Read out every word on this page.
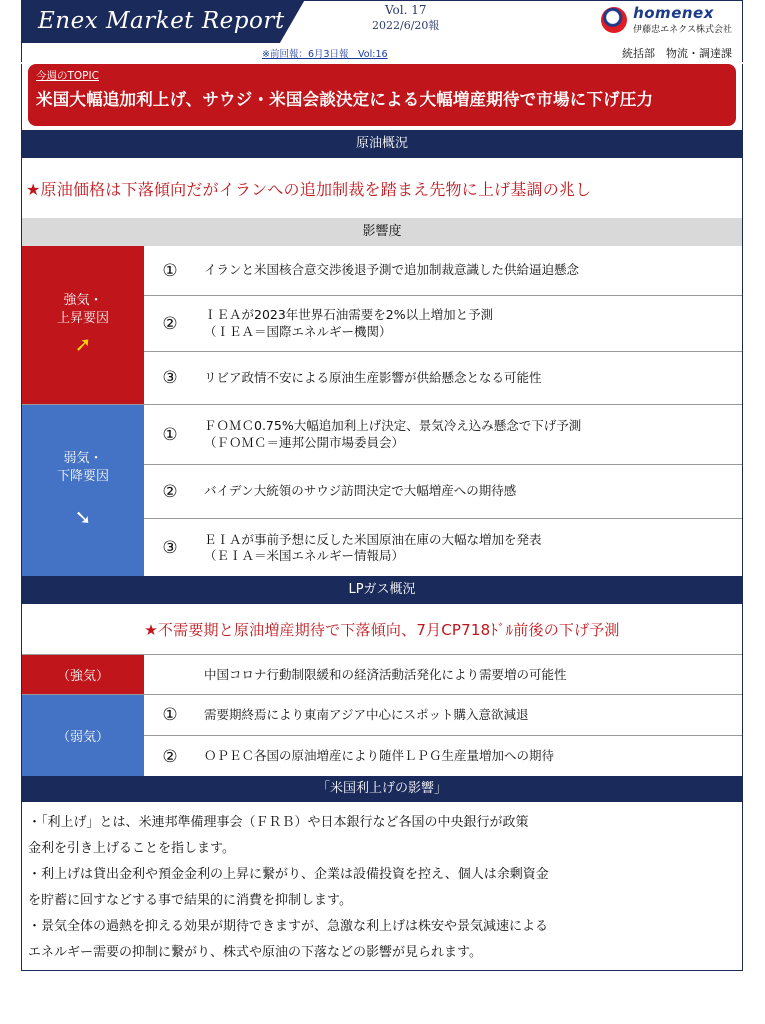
Enex Market Report	Vol. 17
2022/6/20報
homenex
伊藤忠エネクス株式会社
※前回報：6月3日報　Vol:16	統括部　物流・調達課
今週のTOPIC
米国大幅追加利上げ、サウジ・米国会談決定による大幅増産期待で市場に下げ圧力
原油概況
★原油価格は下落傾向だがイランへの追加制裁を踏まえ先物に上げ基調の兆し
影響度
強気・
上昇要因
➚
①	イランと米国核合意交渉後退予測で追加制裁意識した供給逼迫懸念
②	ＩＥＡが2023年世界石油需要を2%以上増加と予測
（ＩＥＡ＝国際エネルギー機関）
③	リビア政情不安による原油生産影響が供給懸念となる可能性
弱気・
下降要因
➘
①	ＦＯＭＣ0.75%大幅追加利上げ決定、景気冷え込み懸念で下げ予測
（ＦＯＭＣ＝連邦公開市場委員会）
②	バイデン大統領のサウジ訪問決定で大幅増産への期待感
③	ＥＩＡが事前予想に反した米国原油在庫の大幅な増加を発表
（ＥＩＡ＝米国エネルギー情報局）
LPガス概況
★不需要期と原油増産期待で下落傾向、7月CP718ﾄﾞﾙ前後の下げ予測
（強気）	中国コロナ行動制限緩和の経済活動活発化により需要増の可能性
（弱気）
①	需要期終焉により東南アジア中心にスポット購入意欲減退
②	ＯＰＥＣ各国の原油増産により随伴ＬＰＧ生産量増加への期待
「米国利上げの影響」
・「利上げ」とは、米連邦準備理事会（ＦＲＢ）や日本銀行など各国の中央銀行が政策
金利を引き上げることを指します。
・利上げは貸出金利や預金金利の上昇に繋がり、企業は設備投資を控え、個人は余剰資金
を貯蓄に回すなどする事で結果的に消費を抑制します。
・景気全体の過熱を抑える効果が期待できますが、急激な利上げは株安や景気減速による
エネルギー需要の抑制に繋がり、株式や原油の下落などの影響が見られます。
